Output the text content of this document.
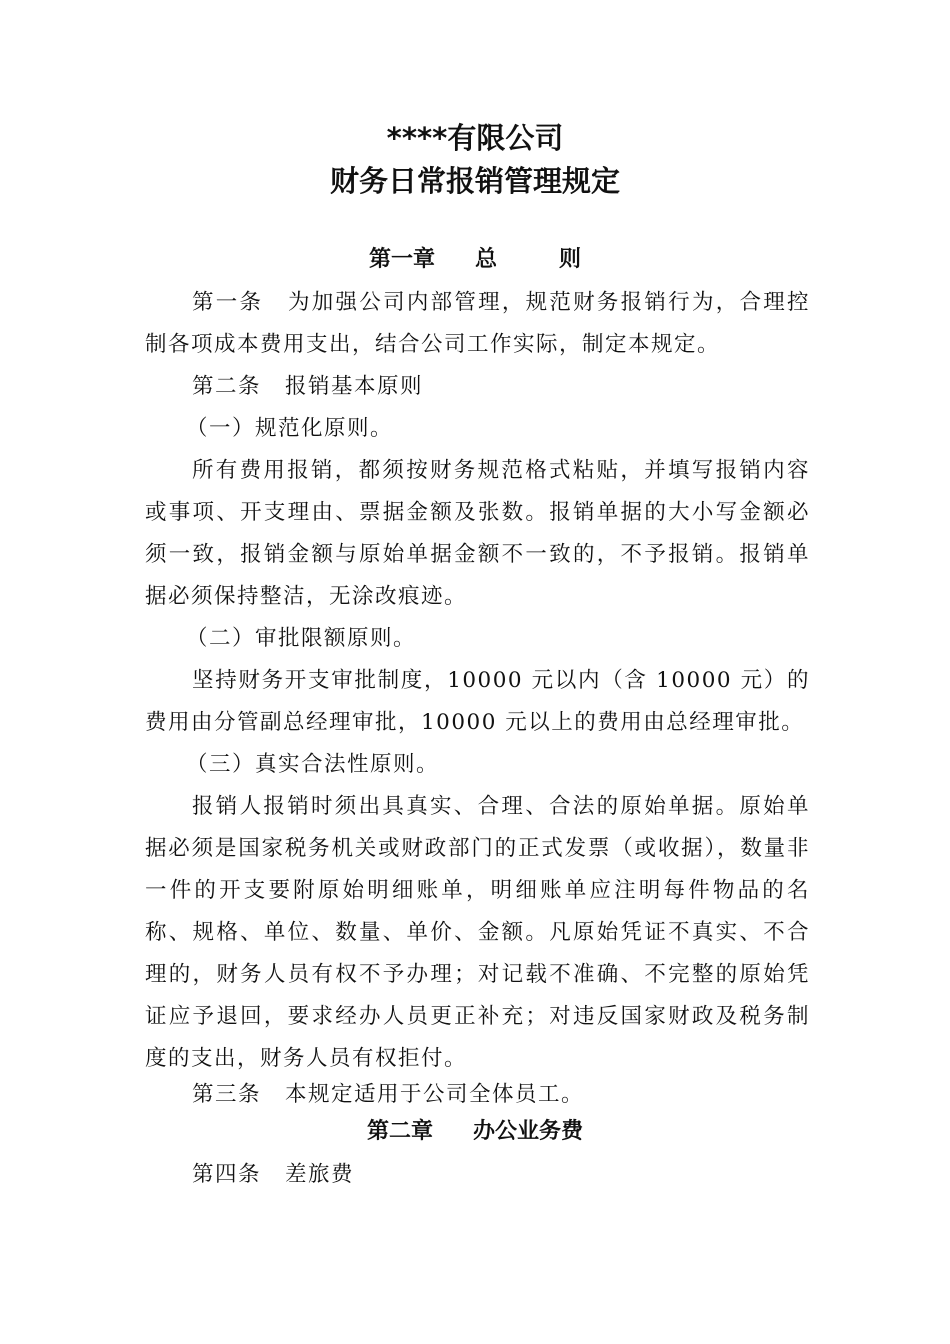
****有限公司
财务日常报销管理规定
第一章 总	则

第一条 为加强公司内部管理，规范财务报销行为，合理控制各项成本费用支出，结合公司工作实际，制定本规定。

第二条 报销基本原则

（一）规范化原则。

所有费用报销，都须按财务规范格式粘贴，并填写报销内容或事项、开支理由、票据金额及张数。报销单据的大小写金额必须一致，报销金额与原始单据金额不一致的，不予报销。报销单据必须保持整洁，无涂改痕迹。

（二）审批限额原则。

坚持财务开支审批制度，10000 元以内（含 10000 元）的费用由分管副总经理审批，10000 元以上的费用由总经理审批。

（三）真实合法性原则。

报销人报销时须出具真实、合理、合法的原始单据。原始单据必须是国家税务机关或财政部门的正式发票（或收据），数量非一件的开支要附原始明细账单，明细账单应注明每件物品的名称、规格、单位、数量、单价、金额。凡原始凭证不真实、不合理的，财务人员有权不予办理；对记载不准确、不完整的原始凭证应予退回，要求经办人员更正补充；对违反国家财政及税务制度的支出，财务人员有权拒付。

第三条 本规定适用于公司全体员工。

第二章 办公业务费

第四条 差旅费
